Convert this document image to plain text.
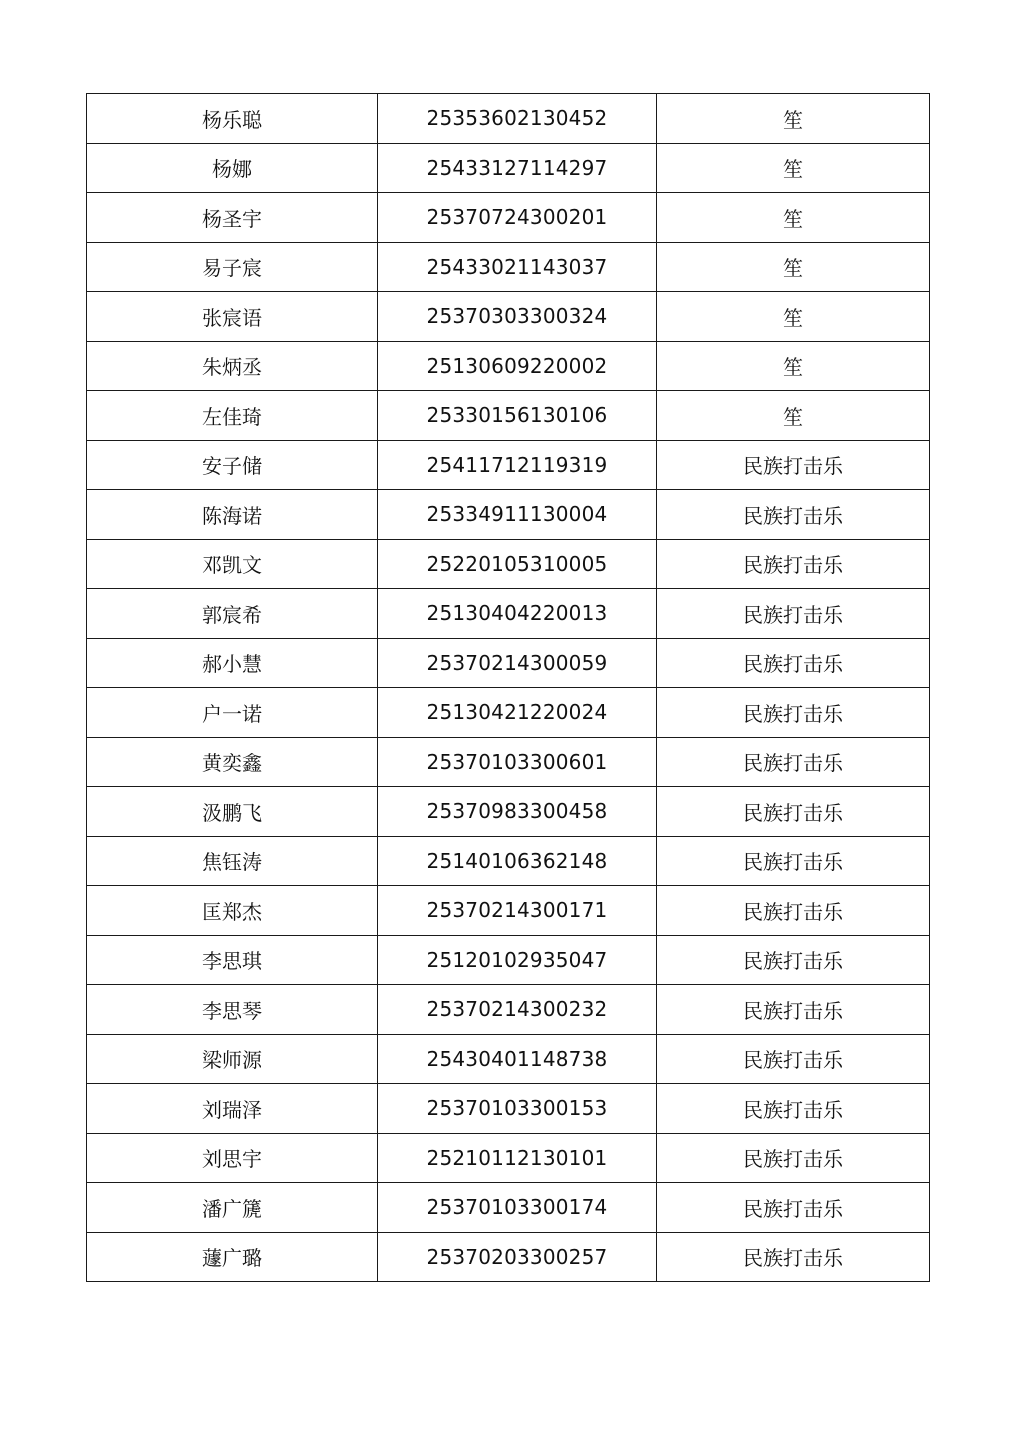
杨乐聪	25353602130452	笙
杨娜	25433127114297	笙
杨圣宇	25370724300201	笙
易子宸	25433021143037	笙
张宸语	25370303300324	笙
朱炳丞	25130609220002	笙
左佳琦	25330156130106	笙
安子储	25411712119319	民族打击乐
陈海诺	25334911130004	民族打击乐
邓凯文	25220105310005	民族打击乐
郭宸希	25130404220013	民族打击乐
郝小慧	25370214300059	民族打击乐
户一诺	25130421220024	民族打击乐
黄奕鑫	25370103300601	民族打击乐
汲鹏飞	25370983300458	民族打击乐
焦钰涛	25140106362148	民族打击乐
匡郑杰	25370214300171	民族打击乐
李思琪	25120102935047	民族打击乐
李思琴	25370214300232	民族打击乐
梁师源	25430401148738	民族打击乐
刘瑞泽	25370103300153	民族打击乐
刘思宇	25210112130101	民族打击乐
潘广篪	25370103300174	民族打击乐
蘧广璐	25370203300257	民族打击乐
